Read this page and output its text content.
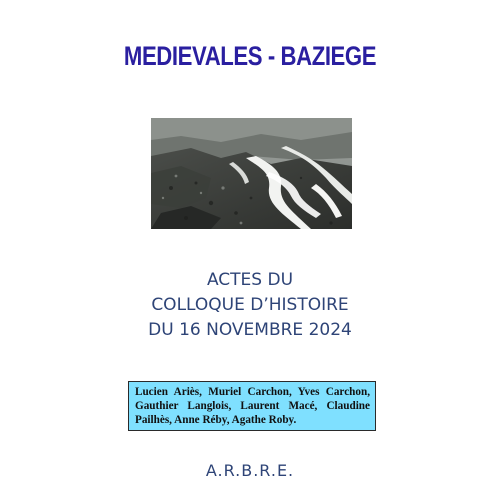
MEDIEVALES - BAZIEGE
ACTES DU
COLLOQUE D’HISTOIRE
DU 16 NOVEMBRE 2024
Lucien Ariès, Muriel Carchon, Yves Carchon, Gauthier Langlois, Laurent Macé, Claudine Pailhès, Anne Réby, Agathe Roby.
A.R.B.R.E.
